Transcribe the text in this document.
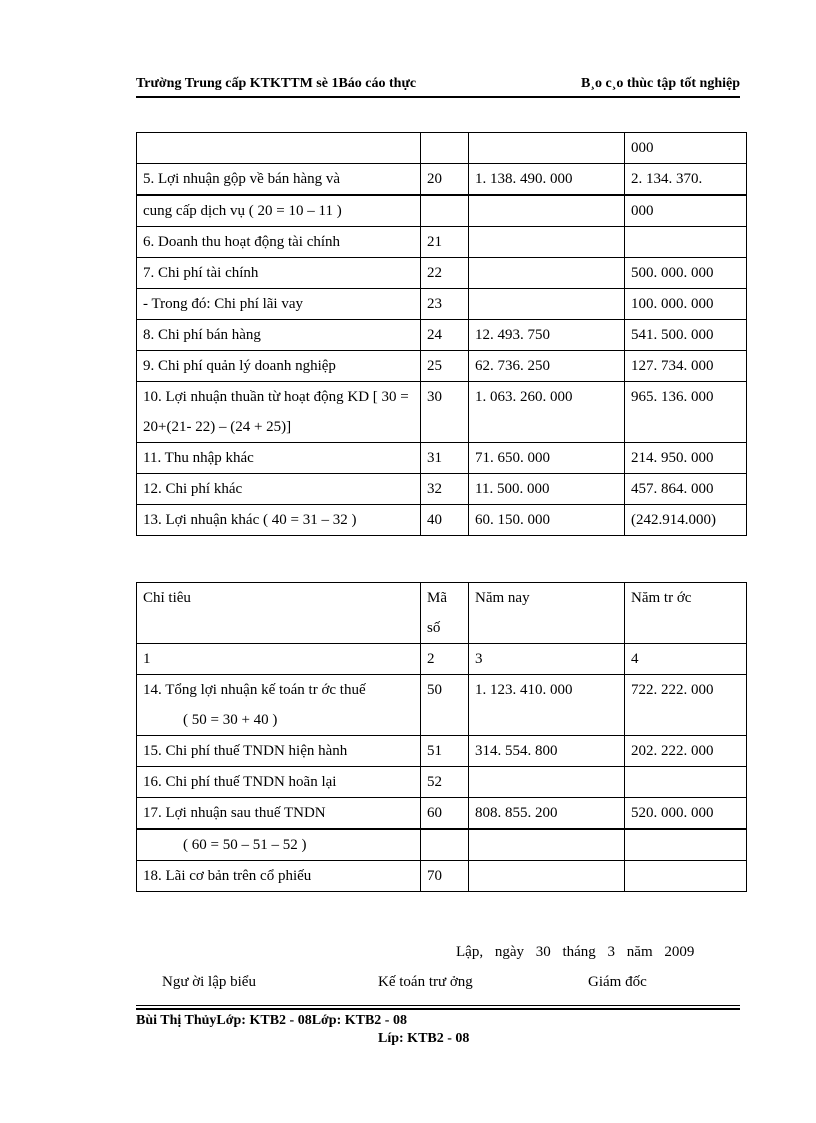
Trường Trung cấp KTKTTM sè 1Báo cáo thực	B¸o c¸o thùc tập tốt nghiệp
			000
5. Lợi nhuận gộp về bán hàng và	20	1. 138. 490. 000	2. 134. 370.
cung cấp dịch vụ ( 20 = 10 – 11 )			000
6. Doanh thu hoạt động tài chính	21		
7. Chi phí tài chính	22		500. 000. 000
- Trong đó: Chi phí lãi vay	23		100. 000. 000
8. Chi phí bán hàng	24	12. 493. 750	541. 500. 000
9. Chi phí quản lý doanh nghiệp	25	62. 736. 250	127. 734. 000
10. Lợi nhuận thuần từ hoạt động KD [ 30 = 20+(21- 22) – (24 + 25)]	30	1. 063. 260. 000	965. 136. 000
11. Thu nhập khác	31	71. 650. 000	214. 950. 000
12. Chi phí khác	32	11. 500. 000	457. 864. 000
13. Lợi nhuận khác ( 40 = 31 – 32 )	40	60. 150. 000	(242.914.000)
Chỉ tiêu	Mã số	Năm nay	Năm tr ớc
1	2	3	4

14. Tổng lợi nhuận kế toán tr ớc thuế
( 50 = 30 + 40 )	50	1. 123. 410. 000	722. 222. 000
15. Chi phí thuế TNDN hiện hành	51	314. 554. 800	202. 222. 000
16. Chi phí thuế TNDN hoãn lại	52		
17. Lợi nhuận sau thuế TNDN	60	808. 855. 200	520. 000. 000
( 60 = 50 – 51 – 52 )			
18. Lãi cơ bản trên cổ phiếu	70		
Lập, ngày 30 tháng 3 năm 2009
Ngư ời lập biểu	Kế toán trư ởng	Giám đốc
Bùi Thị ThủyLớp: KTB2 - 08Lớp: KTB2 - 08
Líp: KTB2 - 08
